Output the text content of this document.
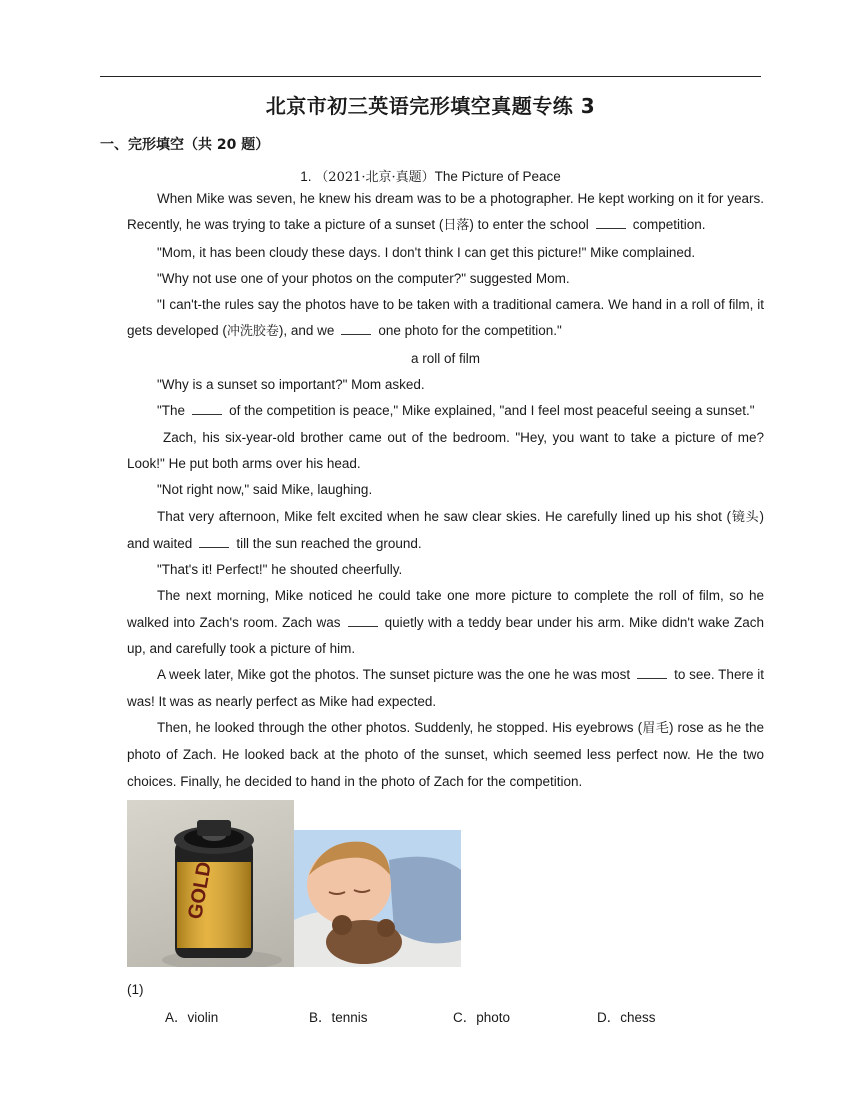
北京市初三英语完形填空真题专练 3
一、完形填空（共 20 题）
1. （2021·北京·真题）The Picture of Peace

When Mike was seven, he knew his dream was to be a photographer. He kept working on it for years. Recently, he was trying to take a picture of a sunset (日落) to enter the school	competition.

"Mom, it has been cloudy these days. I don't think I can get this picture!" Mike complained.

"Why not use one of your photos on the computer?" suggested Mom.

"I can't-the rules say the photos have to be taken with a traditional camera. We hand in a roll of film, it gets developed (冲洗胶卷), and we	one photo for the competition."

a roll of film

"Why is a sunset so important?" Mom asked.

"The	of the competition is peace," Mike explained, "and I feel most peaceful seeing a sunset."

Zach, his six-year-old brother came out of the bedroom. "Hey, you want to take a picture of me? Look!" He put both arms over his head.

"Not right now," said Mike, laughing.

That very afternoon, Mike felt excited when he saw clear skies. He carefully lined up his shot (镜头) and waited	till the sun reached the ground.

"That's it! Perfect!" he shouted cheerfully.

The next morning, Mike noticed he could take one more picture to complete the roll of film, so he walked into Zach's room. Zach was	quietly with a teddy bear under his arm. Mike didn't wake Zach up, and carefully took a picture of him.

A week later, Mike got the photos. The sunset picture was the one he was most	to see. There it was! It was as nearly perfect as Mike had expected.

Then, he looked through the other photos. Suddenly, he stopped. His eyebrows (眉毛) rose as he the photo of Zach. He looked back at the photo of the sunset, which seemed less perfect now. He the two choices. Finally, he decided to hand in the photo of Zach for the competition.

GOLD
(1)
A．violin	B．tennis	C．photo	D．chess
